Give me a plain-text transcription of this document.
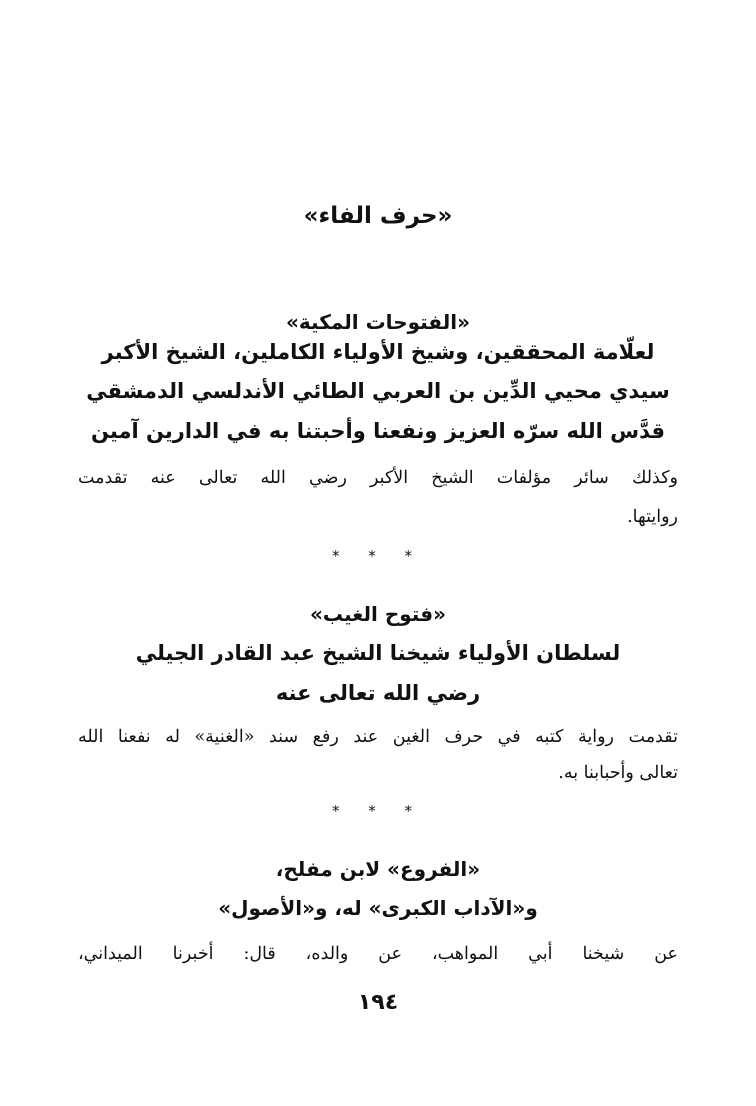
«حرف الفاء»
«الفتوحات المكية»
لعلّامة المحققين، وشيخ الأولياء الكاملين، الشيخ الأكبر
سيدي محيي الدِّين بن العربي الطائي الأندلسي الدمشقي
قدَّس الله سرّه العزيز ونفعنا وأحبتنا به في الدارين آمين
وكذلك سائر مؤلفات الشيخ الأكبر رضي الله تعالى عنه تقدمت
روايتها.
* * *
«فتوح الغيب»
لسلطان الأولياء شيخنا الشيخ عبد القادر الجيلي
رضي الله تعالى عنه
تقدمت رواية كتبه في حرف الغين عند رفع سند «الغنية» له نفعنا الله
تعالى وأحبابنا به.
* * *
«الفروع» لابن مفلح،
و«الآداب الكبرى» له، و«الأصول»
عن شيخنا أبي المواهب، عن والده، قال: أخبرنا الميداني،
١٩٤
